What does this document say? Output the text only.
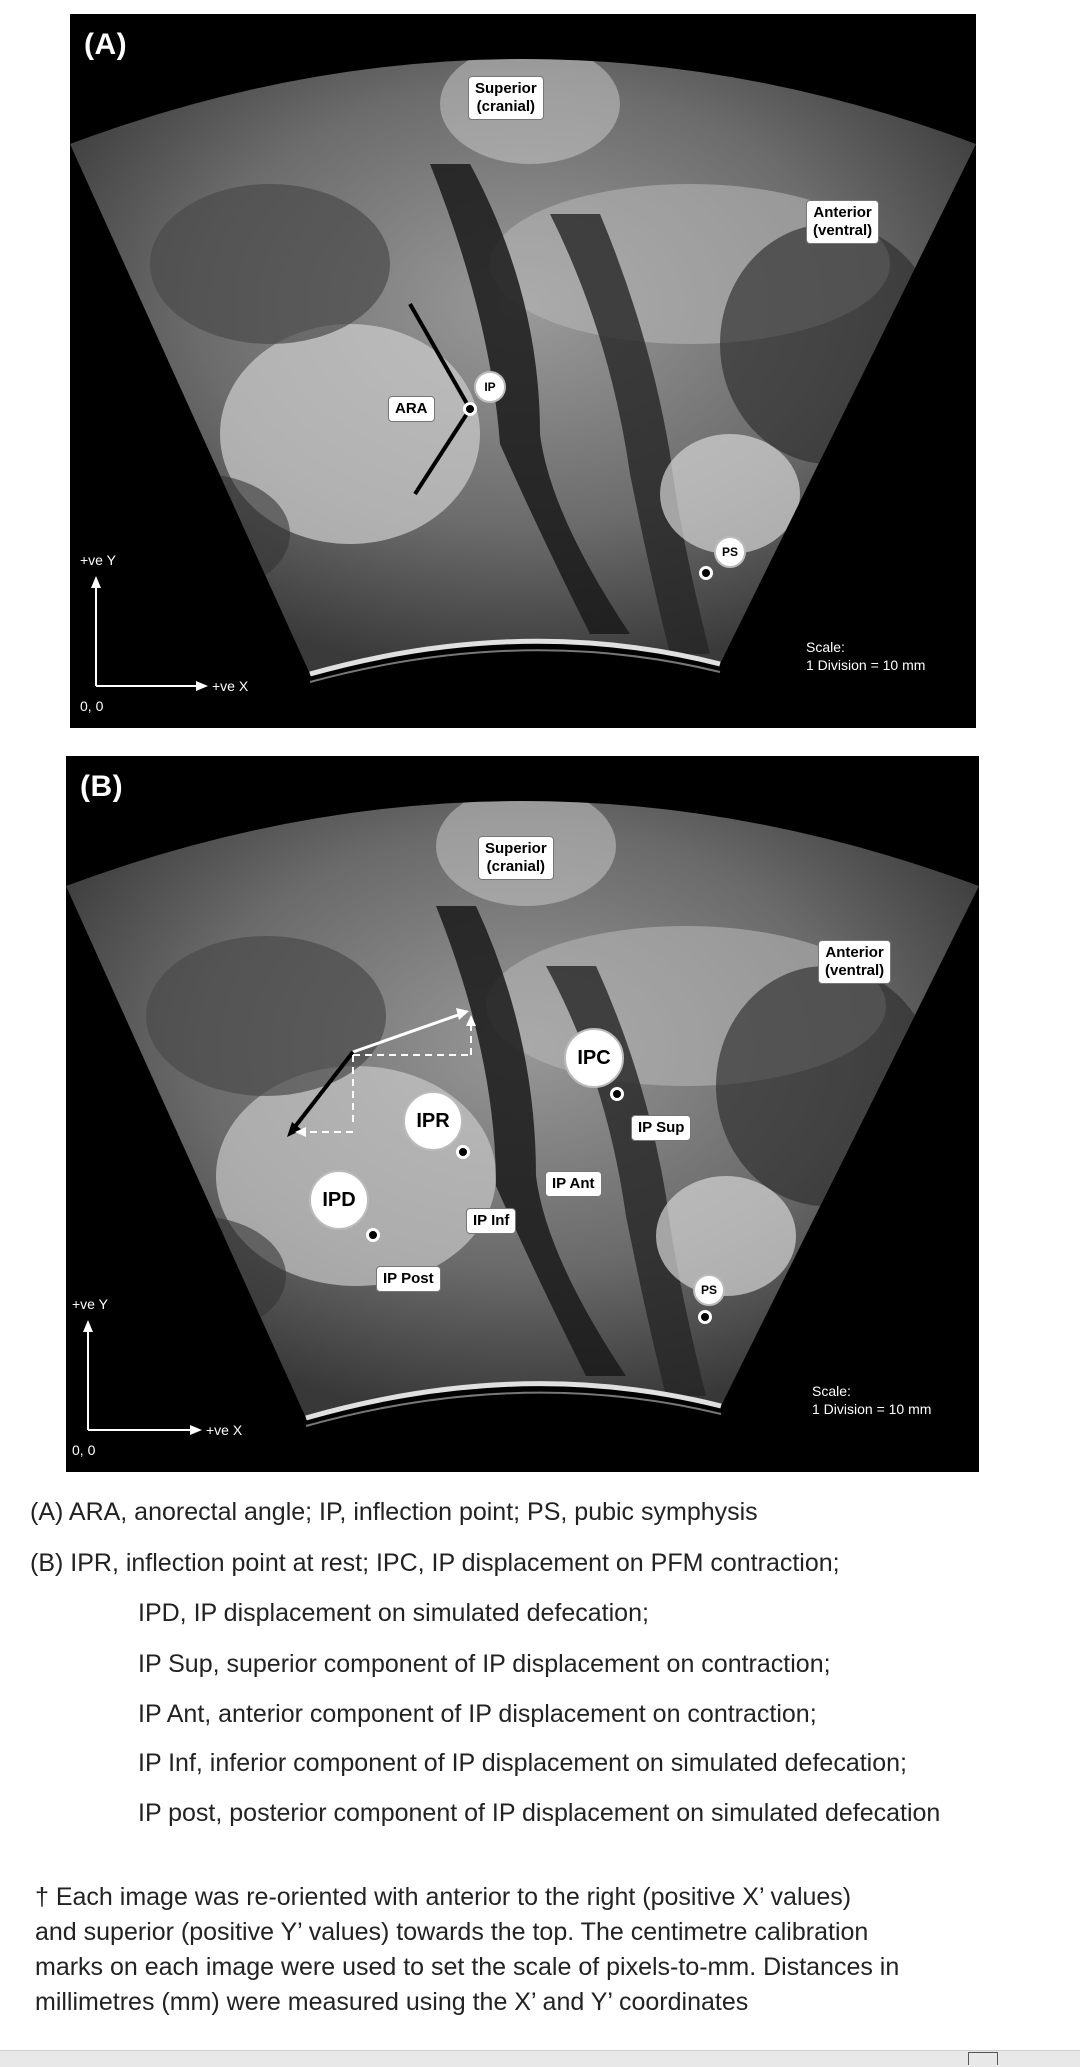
(A)
Superior
(cranial)
Anterior
(ventral)
ARA
IP
PS
+ve Y
+ve X
0, 0
Scale:
1 Division = 10 mm
(B)
Superior
(cranial)
Anterior
(ventral)
IPC
IPR
IPD
IP Sup
IP Ant
IP Inf
IP Post
PS
+ve Y
+ve X
0, 0
Scale:
1 Division = 10 mm
(A) ARA, anorectal angle; IP, inflection point; PS, pubic symphysis
(B) IPR, inflection point at rest; IPC, IP displacement on PFM contraction;
IPD, IP displacement on simulated defecation;
IP Sup, superior component of IP displacement on contraction;
IP Ant, anterior component of IP displacement on contraction;
IP Inf, inferior component of IP displacement on simulated defecation;
IP post, posterior component of IP displacement on simulated defecation
† Each image was re-oriented with anterior to the right (positive X’ values)
and superior (positive Y’ values) towards the top. The centimetre calibration
marks on each image were used to set the scale of pixels-to-mm. Distances in
millimetres (mm) were measured using the X’ and Y’ coordinates
